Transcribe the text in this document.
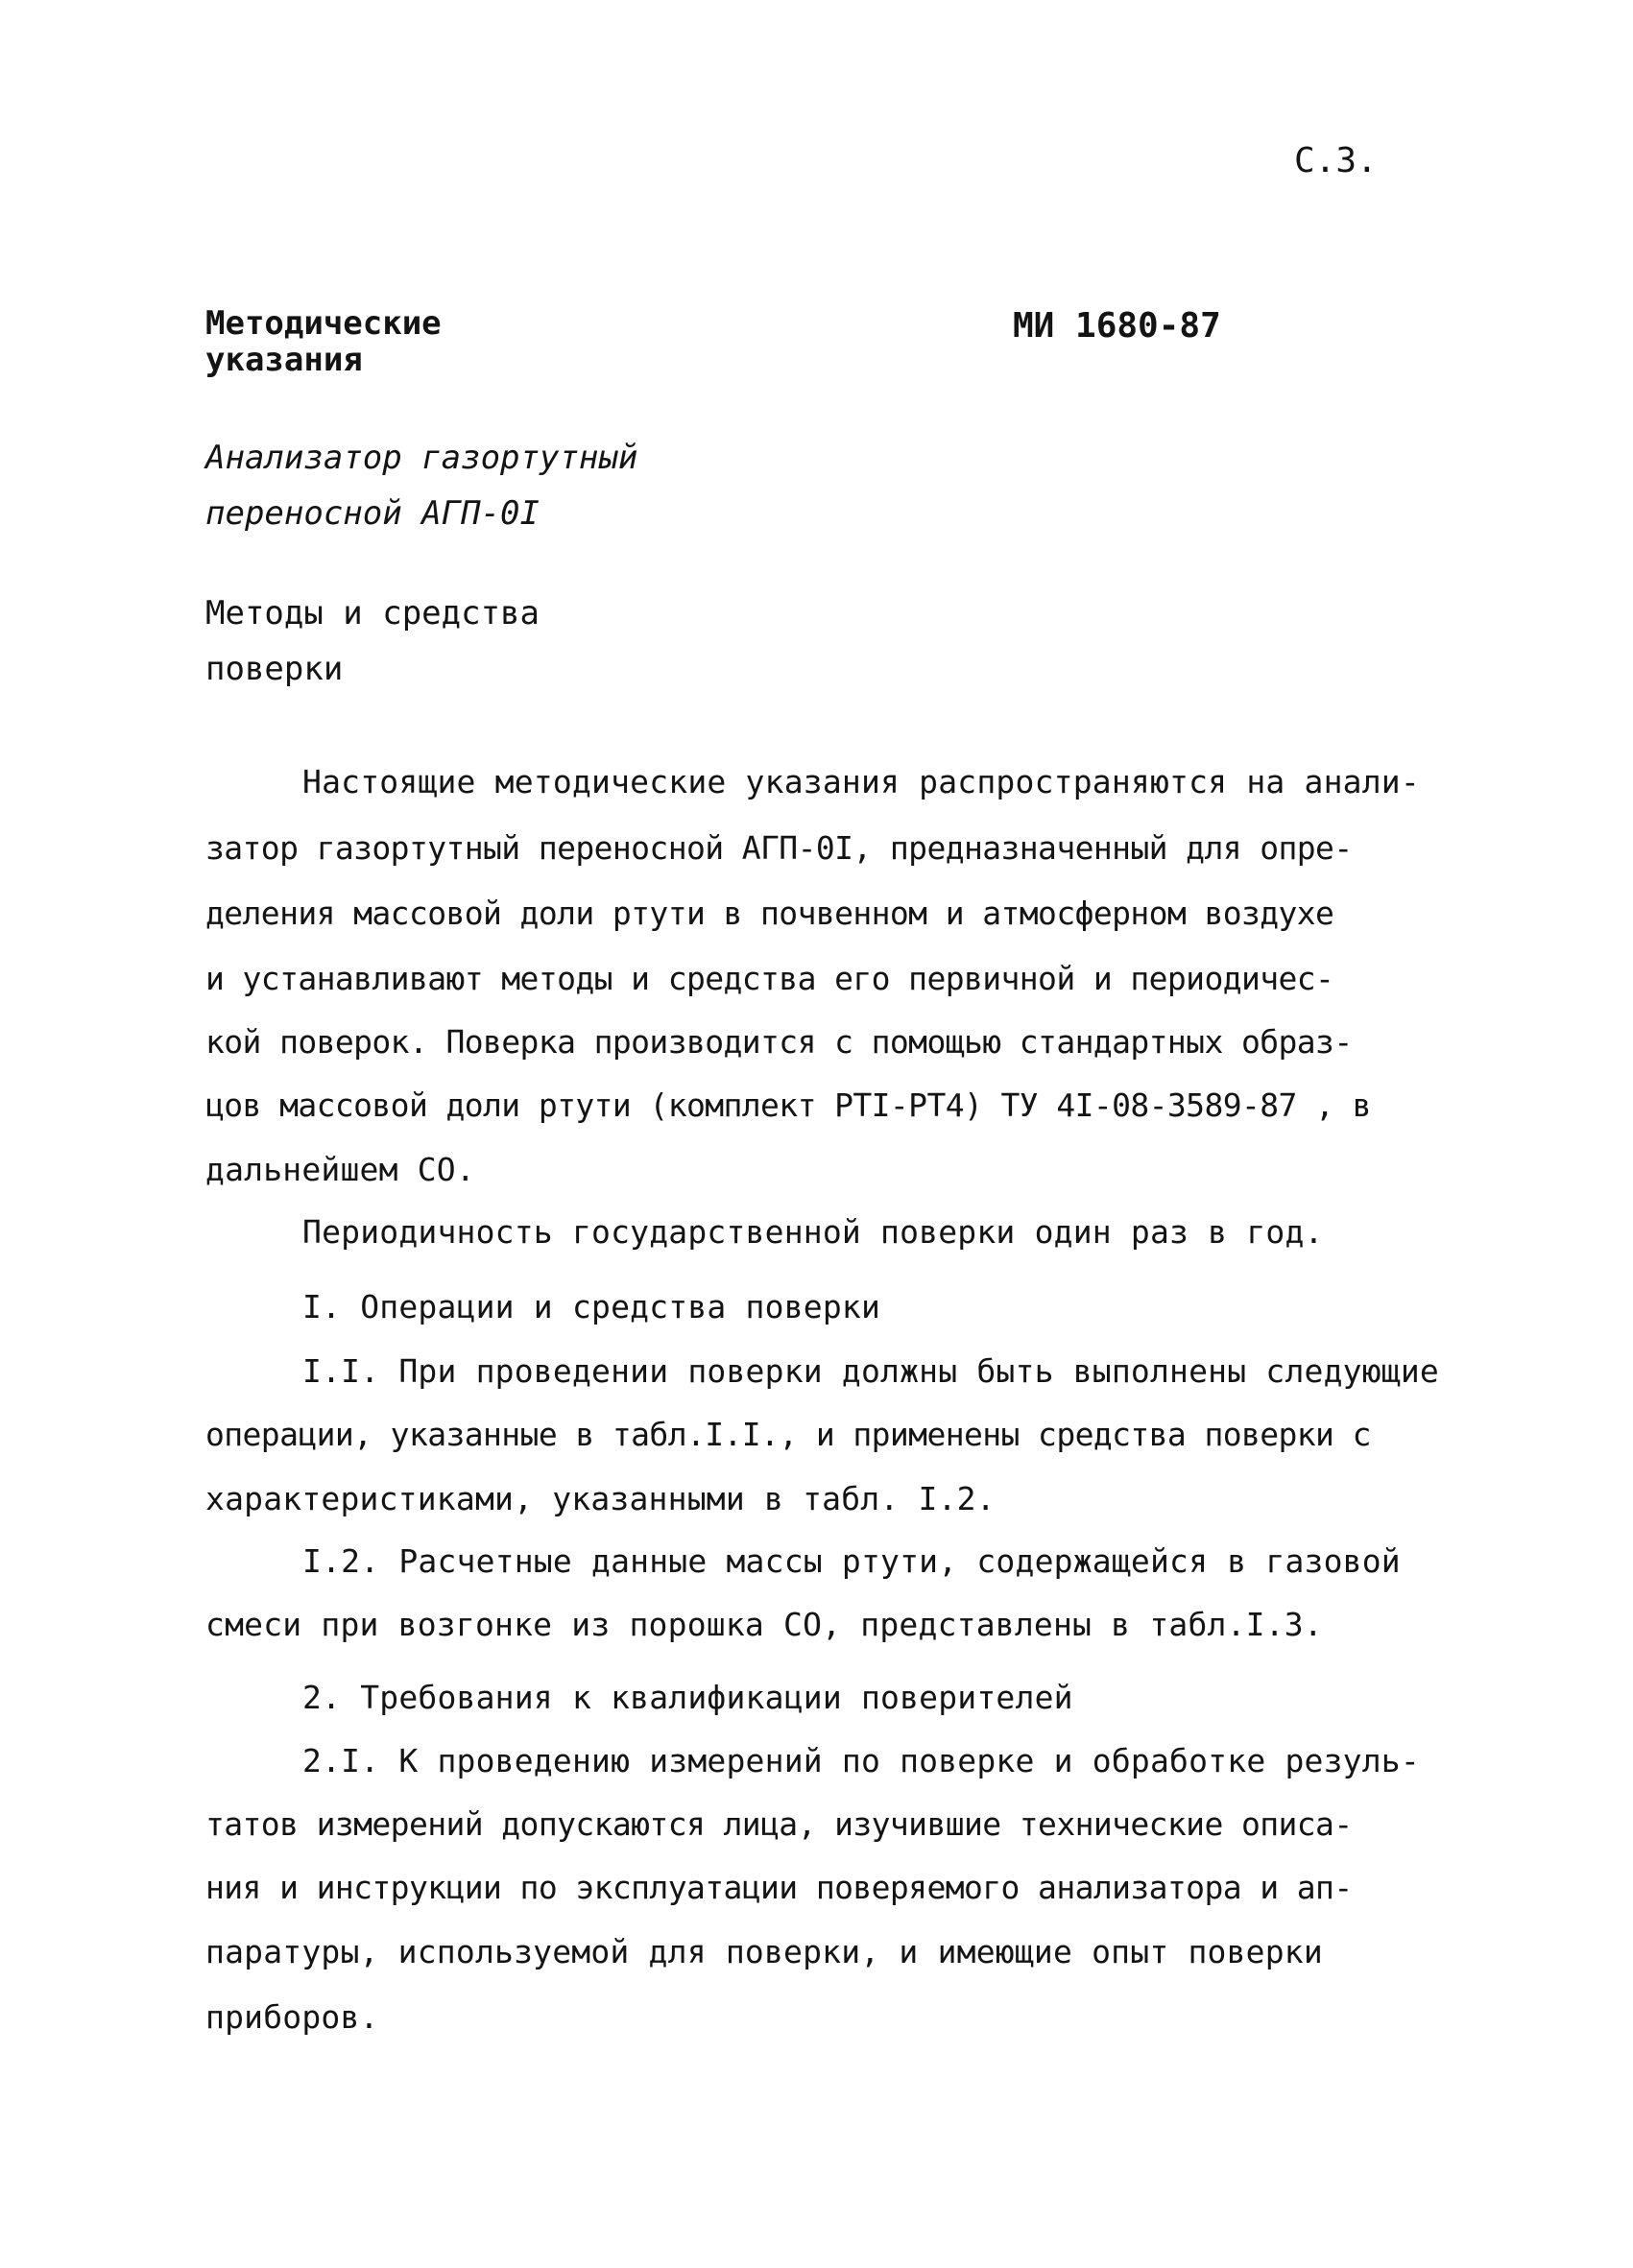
С.3.
Методические
указания
МИ 1680-87
Анализатор газортутный
переносной АГП-0I
Методы и средства
поверки
Настоящие методические указания распространяются на анали-
затор газортутный переносной АГП-0I, предназначенный для опре-
деления массовой доли ртути в почвенном и атмосферном воздухе
и устанавливают методы и средства его первичной и периодичес-
кой поверок. Поверка производится с помощью стандартных образ-
цов массовой доли ртути (комплект РТI-РТ4) ТУ 4I-08-3589-87 , в
дальнейшем СО.
Периодичность государственной поверки один раз в год.
I. Операции и средства поверки
I.I. При проведении поверки должны быть выполнены следующие
операции, указанные в табл.I.I., и применены средства поверки с
характеристиками, указанными в табл. I.2.
I.2. Расчетные данные массы ртути, содержащейся в газовой
смеси при возгонке из порошка СО, представлены в табл.I.3.
2. Требования к квалификации поверителей
2.I. К проведению измерений по поверке и обработке резуль-
татов измерений допускаются лица, изучившие технические описа-
ния и инструкции по эксплуатации поверяемого анализатора и ап-
паратуры, используемой для поверки, и имеющие опыт поверки
приборов.
